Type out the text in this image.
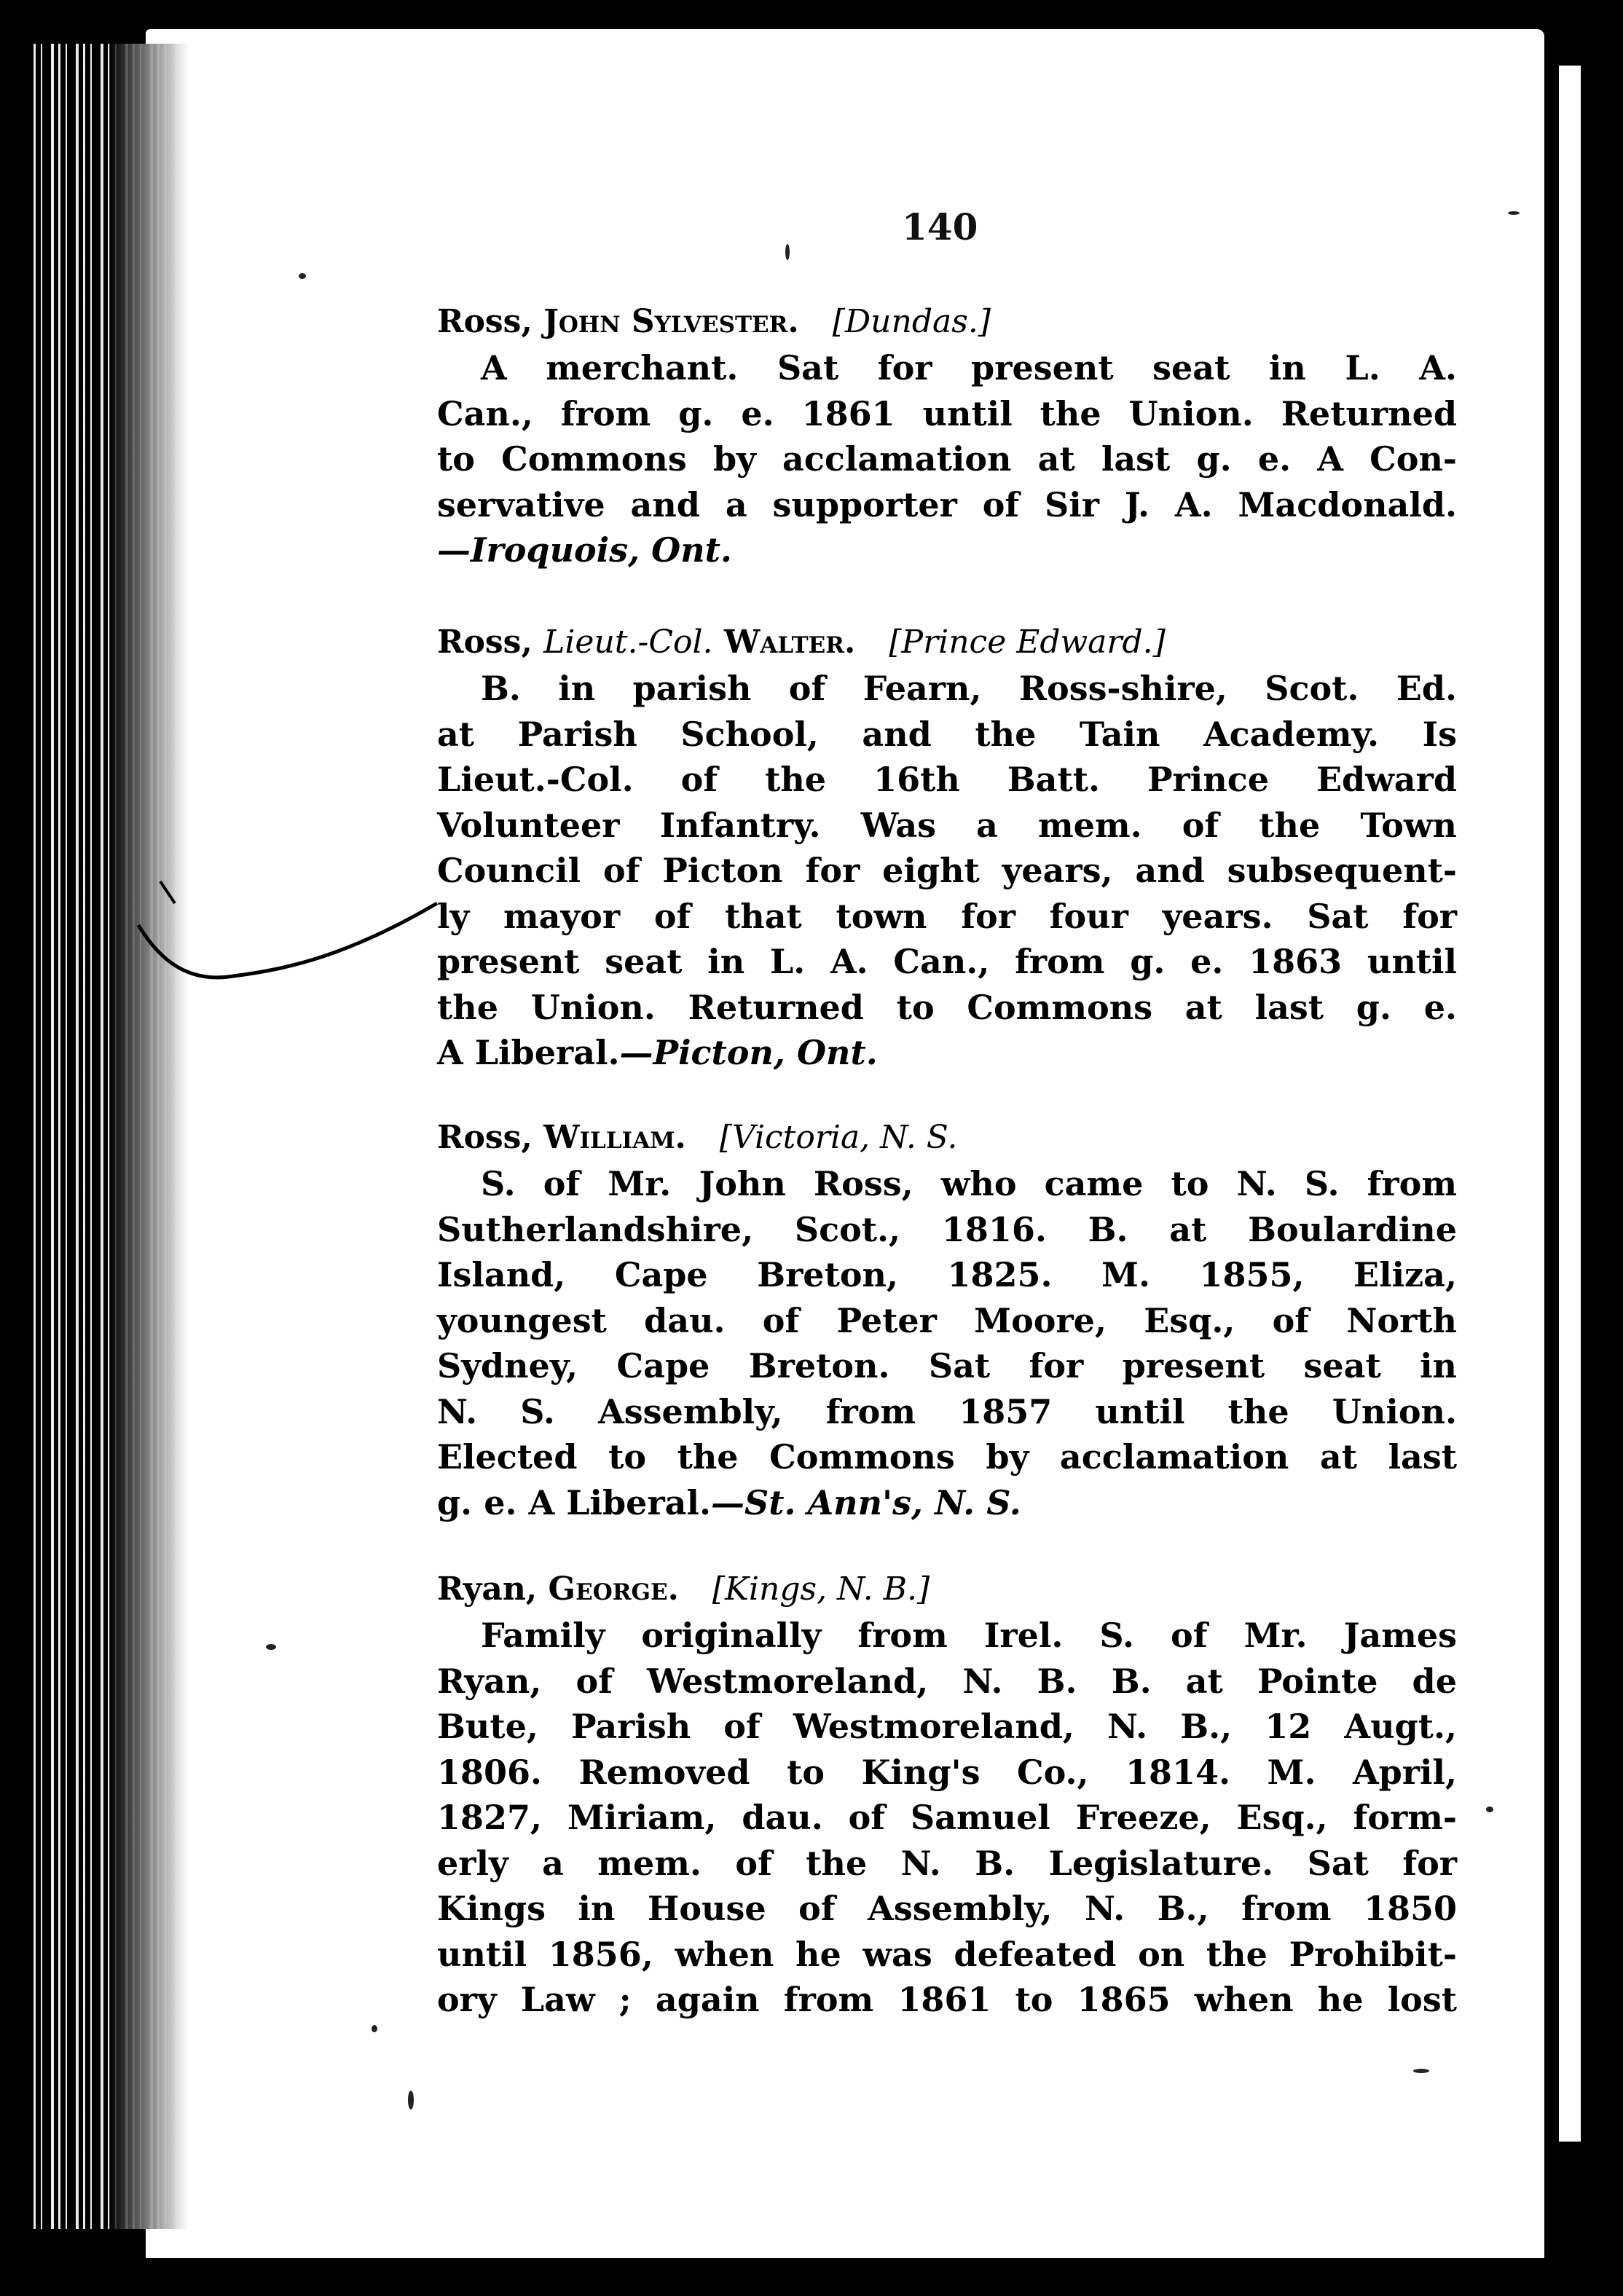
140
Ross, John Sylvester. [Dundas.]
A merchant. Sat for present seat in L. A.
Can., from g. e. 1861 until the Union. Returned
to Commons by acclamation at last g. e. A Con-
servative and a supporter of Sir J. A. Macdonald.
—Iroquois, Ont.
Ross, Lieut.-Col. Walter. [Prince Edward.]
B. in parish of Fearn, Ross-shire, Scot. Ed.
at Parish School, and the Tain Academy. Is
Lieut.-Col. of the 16th Batt. Prince Edward
Volunteer Infantry. Was a mem. of the Town
Council of Picton for eight years, and subsequent-
ly mayor of that town for four years. Sat for
present seat in L. A. Can., from g. e. 1863 until
the Union. Returned to Commons at last g. e.
A Liberal.—Picton, Ont.
Ross, William. [Victoria, N. S.
S. of Mr. John Ross, who came to N. S. from
Sutherlandshire, Scot., 1816. B. at Boulardine
Island, Cape Breton, 1825. M. 1855, Eliza,
youngest dau. of Peter Moore, Esq., of North
Sydney, Cape Breton. Sat for present seat in
N. S. Assembly, from 1857 until the Union.
Elected to the Commons by acclamation at last
g. e. A Liberal.—St. Ann's, N. S.
Ryan, George. [Kings, N. B.]
Family originally from Irel. S. of Mr. James
Ryan, of Westmoreland, N. B. B. at Pointe de
Bute, Parish of Westmoreland, N. B., 12 Augt.,
1806. Removed to King's Co., 1814. M. April,
1827, Miriam, dau. of Samuel Freeze, Esq., form-
erly a mem. of the N. B. Legislature. Sat for
Kings in House of Assembly, N. B., from 1850
until 1856, when he was defeated on the Prohibit-
ory Law ; again from 1861 to 1865 when he lost
